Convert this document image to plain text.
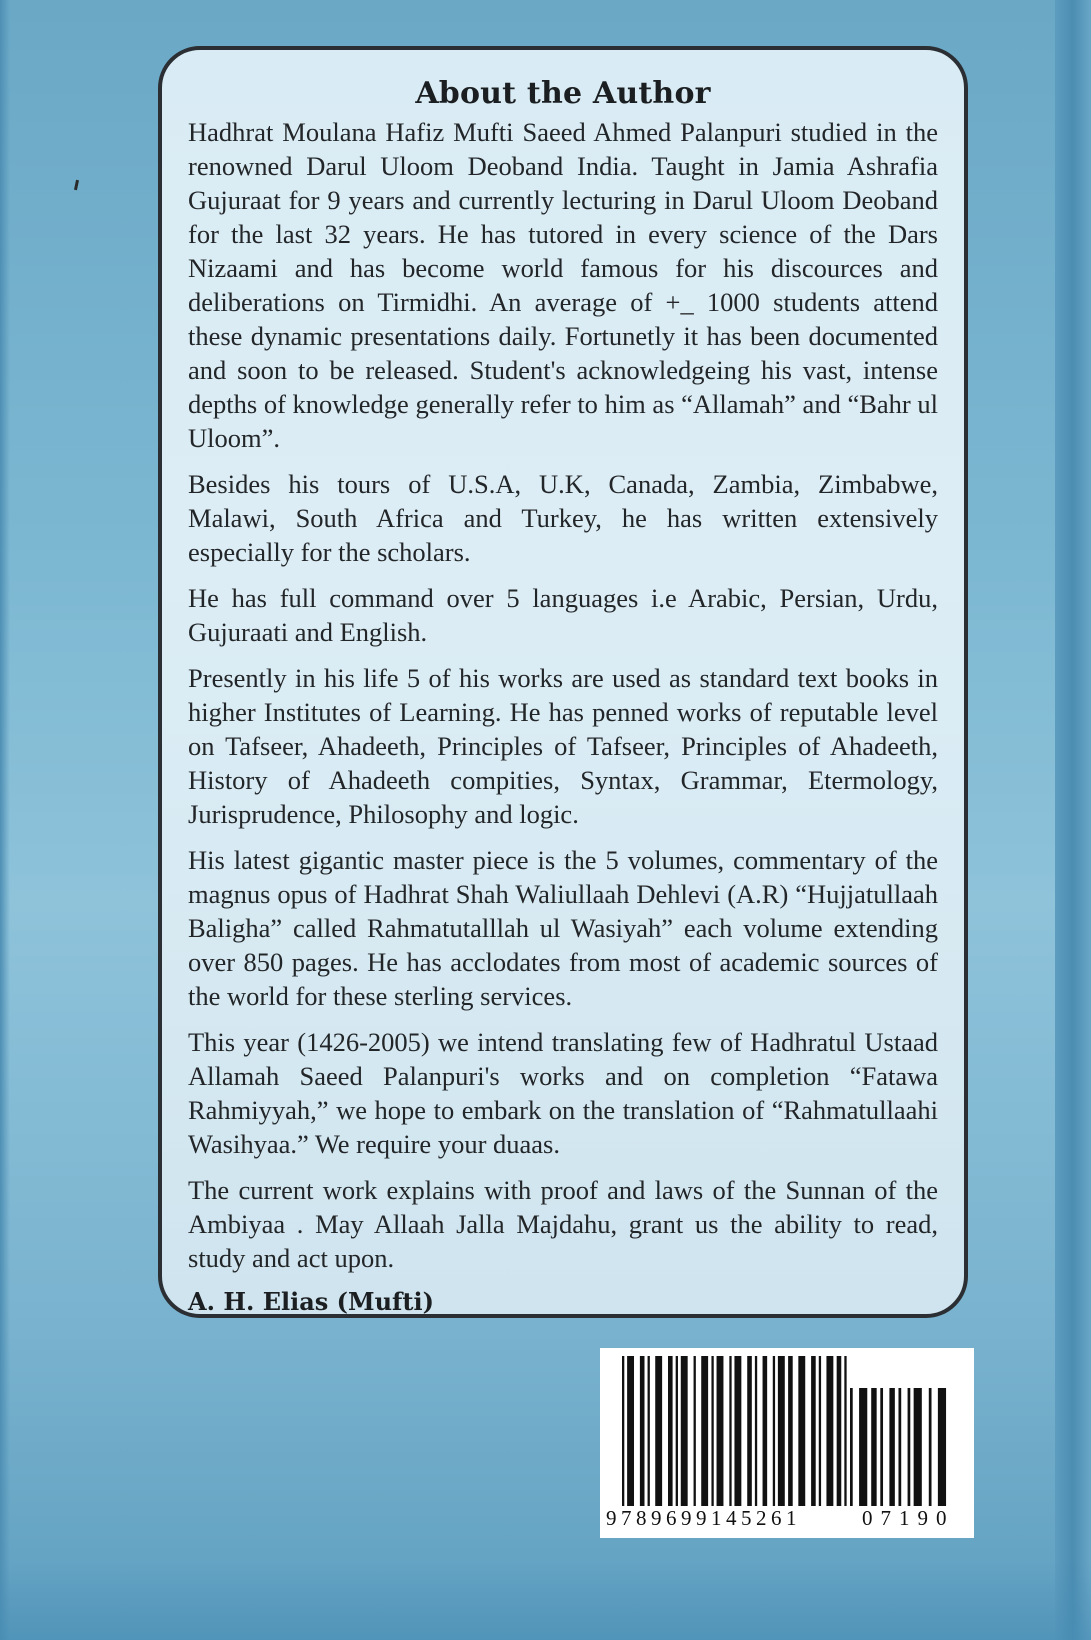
About the Author

Hadhrat Moulana Hafiz Mufti Saeed Ahmed Palanpuri studied in the renowned Darul Uloom Deoband India. Taught in Jamia Ashrafia Gujuraat for 9 years and currently lecturing in Darul Uloom Deoband for the last 32 years. He has tutored in every science of the Dars Nizaami and has become world famous for his discources and deliberations on Tirmidhi. An average of +_ 1000 students attend these dynamic presentations daily. Fortunetly it has been documented and soon to be released. Student's acknowledgeing his vast, intense depths of knowledge generally refer to him as “Allamah” and “Bahr ul Uloom”.

Besides his tours of U.S.A, U.K, Canada, Zambia, Zimbabwe, Malawi, South Africa and Turkey, he has written extensively especially for the scholars.

He has full command over 5 languages i.e Arabic, Persian, Urdu, Gujuraati and English.

Presently in his life 5 of his works are used as standard text books in higher Institutes of Learning. He has penned works of reputable level on Tafseer, Ahadeeth, Principles of Tafseer, Principles of Ahadeeth, History of Ahadeeth compities, Syntax, Grammar, Etermology, Jurisprudence, Philosophy and logic.

His latest gigantic master piece is the 5 volumes, commentary of the magnus opus of Hadhrat Shah Waliullaah Dehlevi (A.R) “Hujjatullaah Baligha” called Rahmatutalllah ul Wasiyah” each volume extending over 850 pages. He has acclodates from most of academic sources of the world for these sterling services.

This year (1426-2005) we intend translating few of Hadhratul Ustaad Allamah Saeed Palanpuri's works and on completion “Fatawa Rahmiyyah,” we hope to embark on the translation of “Rahmatullaahi Wasihyaa.” We require your duaas.

The current work explains with proof and laws of the Sunnan of the Ambiyaa . May Allaah Jalla Majdahu, grant us the ability to read, study and act upon.

A. H. Elias (Mufti)

9789699145261	07190
